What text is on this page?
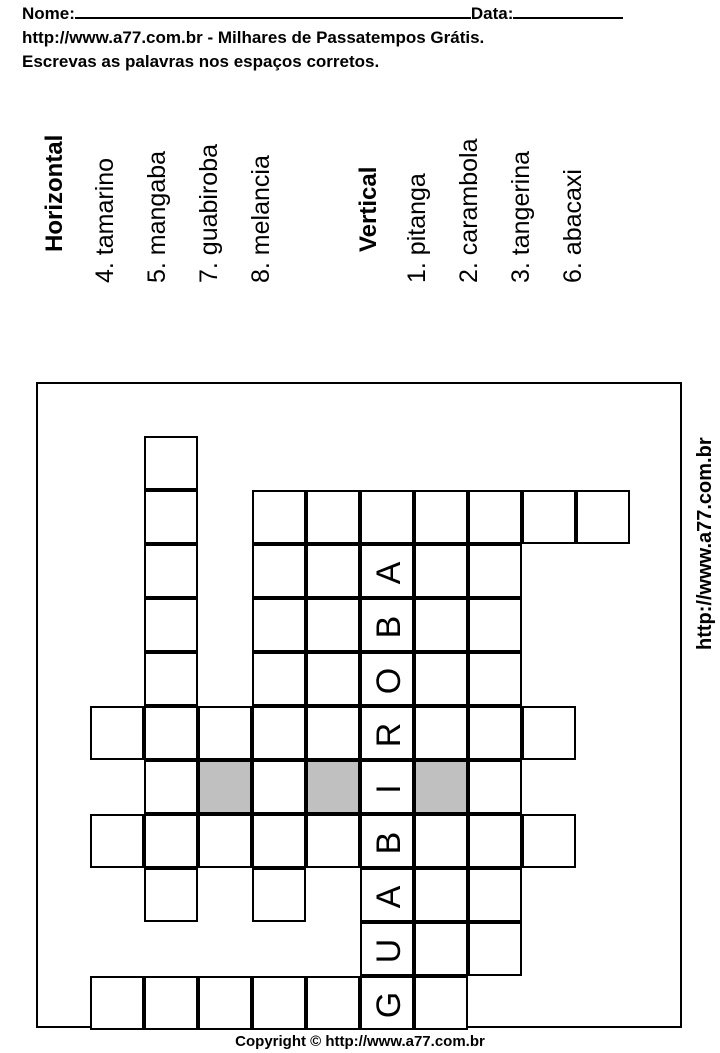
Nome:	Data:
http://www.a77.com.br - Milhares de Passatempos Grátis.
Escrevas as palavras nos espaços corretos.
Horizontal 4. tamarino 5. mangaba 7. guabiroba 8. melancia	Vertical 1. pitanga 2. carambola 3. tangerina 6. abacaxi
A
B
O
R
I
B
A
U
G
http://www.a77.com.br
Copyright © http://www.a77.com.br
